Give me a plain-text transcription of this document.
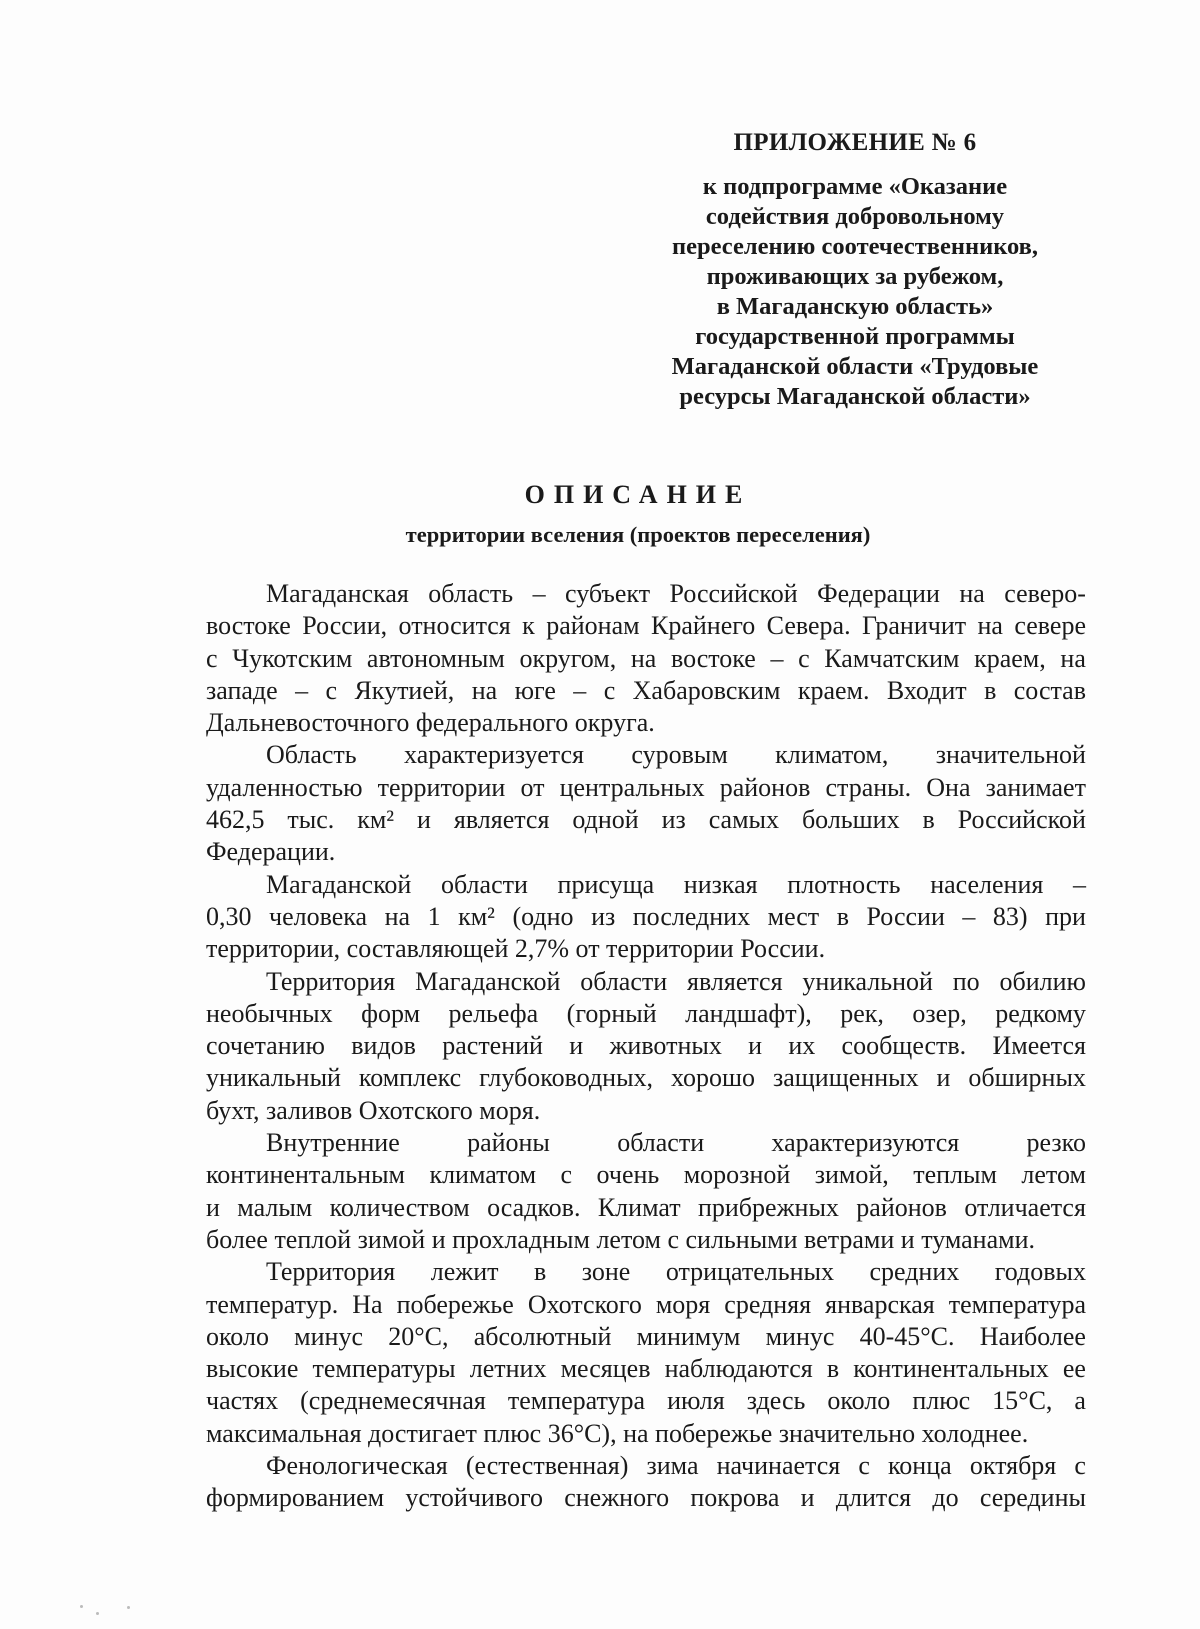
ПРИЛОЖЕНИЕ № 6
к подпрограмме «Оказание
содействия добровольному
переселению соотечественников,
проживающих за рубежом,
в Магаданскую область»
государственной программы
Магаданской области «Трудовые
ресурсы Магаданской области»
ОПИСАНИЕ
территории вселения (проектов переселения)
Магаданская область – субъект Российской Федерации на северо-
востоке России, относится к районам Крайнего Севера. Граничит на севере
с Чукотским автономным округом, на востоке – с Камчатским краем, на
западе – с Якутией, на юге – с Хабаровским краем. Входит в состав
Дальневосточного федерального округа.
Область характеризуется суровым климатом, значительной
удаленностью территории от центральных районов страны. Она занимает
462,5 тыс. км² и является одной из самых больших в Российской
Федерации.
Магаданской области присуща низкая плотность населения –
0,30 человека на 1 км² (одно из последних мест в России – 83) при
территории, составляющей 2,7% от территории России.
Территория Магаданской области является уникальной по обилию
необычных форм рельефа (горный ландшафт), рек, озер, редкому
сочетанию видов растений и животных и их сообществ. Имеется
уникальный комплекс глубоководных, хорошо защищенных и обширных
бухт, заливов Охотского моря.
Внутренние	районы	области	характеризуются	резко
континентальным климатом с очень морозной зимой, теплым летом
и малым количеством осадков. Климат прибрежных районов отличается
более теплой зимой и прохладным летом с сильными ветрами и туманами.
Территория лежит в зоне отрицательных средних годовых
температур. На побережье Охотского моря средняя январская температура
около минус 20°С, абсолютный минимум минус 40-45°С. Наиболее
высокие температуры летних месяцев наблюдаются в континентальных ее
частях (среднемесячная температура июля здесь около плюс 15°С, а
максимальная достигает плюс 36°С), на побережье значительно холоднее.
Фенологическая (естественная) зима начинается с конца октября с
формированием устойчивого снежного покрова и длится до середины
